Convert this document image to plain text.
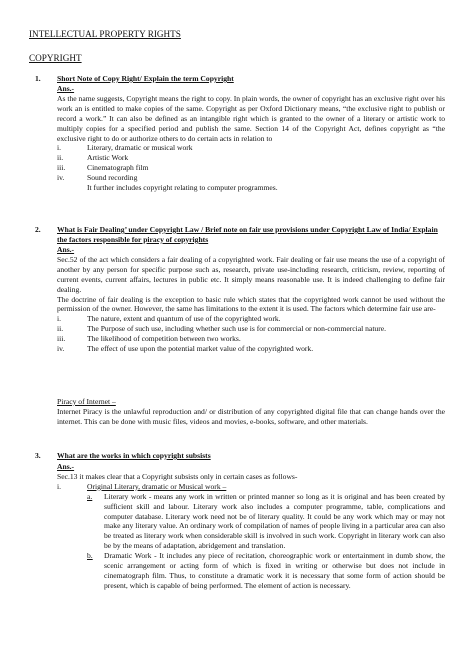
INTELLECTUAL PROPERTY RIGHTS
COPYRIGHT
1. Short Note of Copy Right/ Explain the term Copyright
Ans.-

As the name suggests, Copyright means the right to copy. In plain words, the owner of copyright has an exclusive right over his work an is entitled to make copies of the same. Copyright as per Oxford Dictionary means, “the exclusive right to publish or record a work.” It can also be defined as an intangible right which is granted to the owner of a literary or artistic work to multiply copies for a specified period and publish the same. Section 14 of the Copyright Act, defines copyright as “the exclusive right to do or authorize others to do certain acts in relation to

i.	Literary, dramatic or musical work
ii.	Artistic Work
iii.	Cinematograph film
iv.	Sound recording
It further includes copyright relating to computer programmes.
2. What is Fair Dealing’ under Copyright Law / Brief note on fair use provisions under Copyright Law of India/ Explain the factors responsible for piracy of copyrights
Ans.-

Sec.52 of the act which considers a fair dealing of a copyrighted work. Fair dealing or fair use means the use of a copyright of another by any person for specific purpose such as, research, private use-including research, criticism, review, reporting of current events, current affairs, lectures in public etc. It simply means reasonable use. It is indeed challenging to define fair dealing.

The doctrine of fair dealing is the exception to basic rule which states that the copyrighted work cannot be used without the permission of the owner. However, the same has limitations to the extent it is used. The factors which determine fair use are-

i.	The nature, extent and quantum of use of the copyrighted work.
ii.	The Purpose of such use, including whether such use is for commercial or non-commercial nature.
iii.	The likelihood of competition between two works.
iv.	The effect of use upon the potential market value of the copyrighted work.
Piracy of Internet –

Internet Piracy is the unlawful reproduction and/ or distribution of any copyrighted digital file that can change hands over the internet. This can be done with music files, videos and movies, e-books, software, and other materials.

3. What are the works in which copyright subsists
Ans.-

Sec.13 it makes clear that a Copyright subsists only in certain cases as follows-

i.	Original Literary, dramatic or Musical work –
a. Literary work - means any work in written or printed manner so long as it is original and has been created by sufficient skill and labour. Literary work also includes a computer programme, table, complications and computer database. Literary work need not be of literary quality. It could be any work which may or may not make any literary value. An ordinary work of compilation of names of people living in a particular area can also be treated as literary work when considerable skill is involved in such work. Copyright in literary work can also be by the means of adaptation, abridgement and translation.
b. Dramatic Work - It includes any piece of recitation, choreographic work or entertainment in dumb show, the scenic arrangement or acting form of which is fixed in writing or otherwise but does not include in cinematograph film. Thus, to constitute a dramatic work it is necessary that some form of action should be present, which is capable of being performed. The element of action is necessary.
